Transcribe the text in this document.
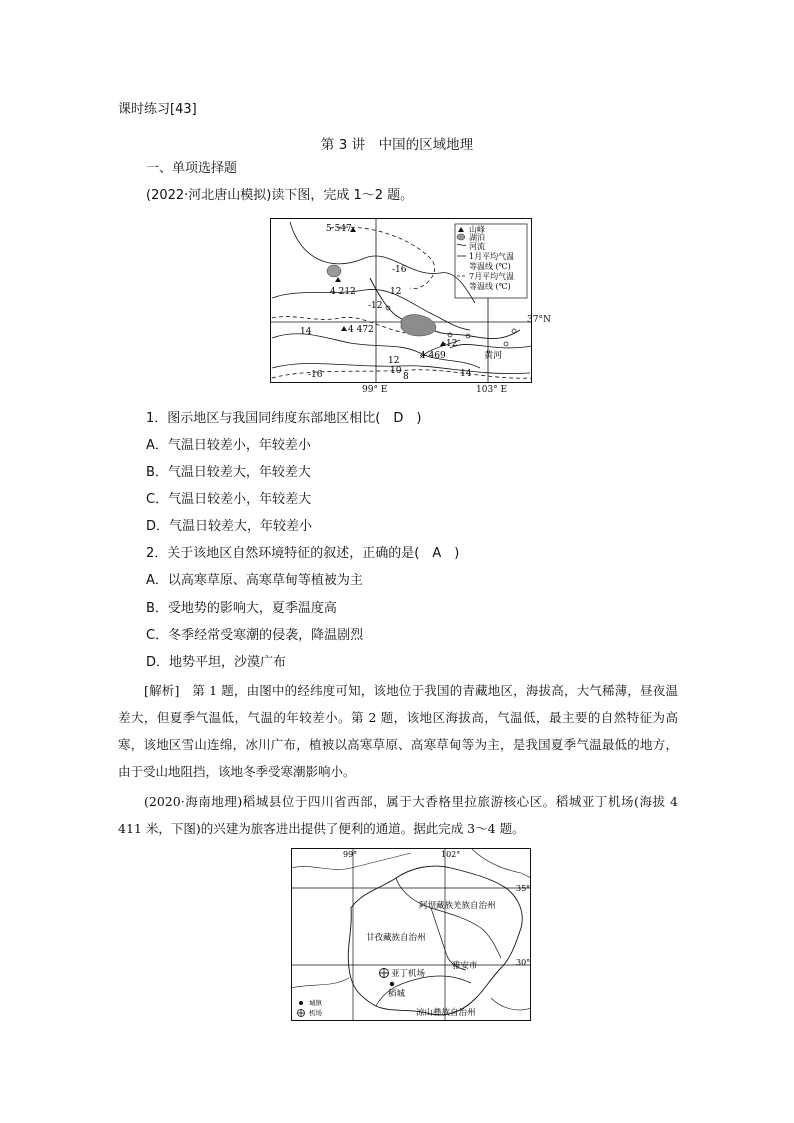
课时练习[43]
第 3 讲　中国的区域地理
一、单项选择题
(2022·河北唐山模拟)读下图，完成 1～2 题。
5 547
4 212
4 472
4 469
-16
-12
12
14
-12
12
10
8	14
-16
黄河
山峰
湖泊
河流
1月平均气温
等温线 (℃)
7月平均气温
等温线 (℃)
37°N
99° E	103° E
1．图示地区与我国同纬度东部地区相比(　D　)
A．气温日较差小，年较差小
B．气温日较差大，年较差大
C．气温日较差小，年较差大
D．气温日较差大，年较差小
2．关于该地区自然环境特征的叙述，正确的是(　A　)
A．以高寒草原、高寒草甸等植被为主
B．受地势的影响大，夏季温度高
C．冬季经常受寒潮的侵袭，降温剧烈
D．地势平坦，沙漠广布

[解析]　第 1 题，由图中的经纬度可知，该地位于我国的青藏地区，海拔高，大气稀薄，昼夜温差大，但夏季气温低，气温的年较差小。第 2 题，该地区海拔高，气温低，最主要的自然特征为高寒，该地区雪山连绵，冰川广布，植被以高寒草原、高寒草甸等为主，是我国夏季气温最低的地方，由于受山地阻挡，该地冬季受寒潮影响小。

(2020·海南地理)稻城县位于四川省西部，属于大香格里拉旅游核心区。稻城亚丁机场(海拔 4 411 米，下图)的兴建为旅客进出提供了便利的通道。据此完成 3～4 题。

99°	102°
35°
30°
阿坝藏族羌族自治州
甘孜藏族自治州
雅安市
凉山彝族自治州
亚丁机场
稻城
城镇
机场
